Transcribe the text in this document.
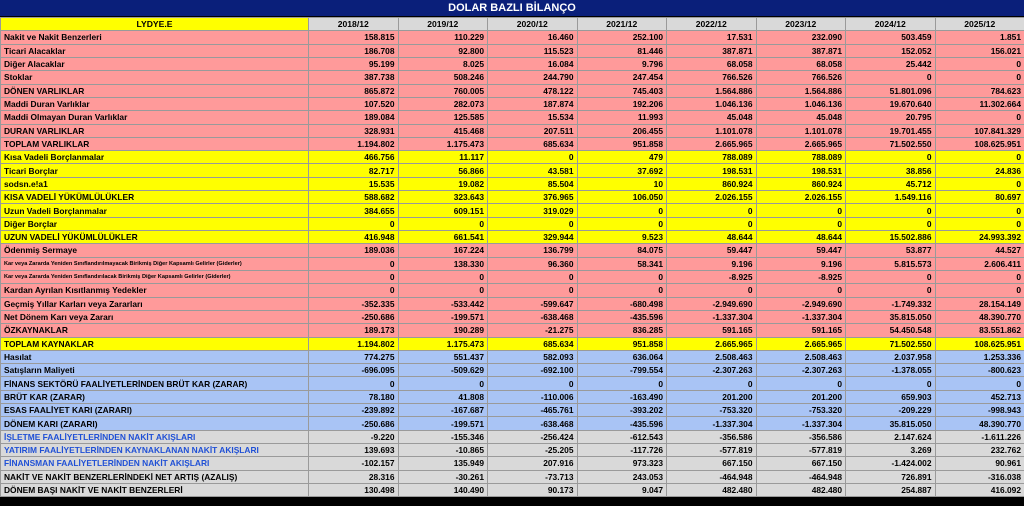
DOLAR BAZLI BİLANÇO
LYDYE.E	2018/12	2019/12	2020/12	2021/12	2022/12	2023/12	2024/12	2025/12
Nakit ve Nakit Benzerleri	158.815	110.229	16.460	252.100	17.531	232.090	503.459	1.851
Ticari Alacaklar	186.708	92.800	115.523	81.446	387.871	387.871	152.052	156.021
Diğer Alacaklar	95.199	8.025	16.084	9.796	68.058	68.058	25.442	0
Stoklar	387.738	508.246	244.790	247.454	766.526	766.526	0	0
DÖNEN VARLIKLAR	865.872	760.005	478.122	745.403	1.564.886	1.564.886	51.801.096	784.623
Maddi Duran Varlıklar	107.520	282.073	187.874	192.206	1.046.136	1.046.136	19.670.640	11.302.664
Maddi Olmayan Duran Varlıklar	189.084	125.585	15.534	11.993	45.048	45.048	20.795	0
DURAN VARLIKLAR	328.931	415.468	207.511	206.455	1.101.078	1.101.078	19.701.455	107.841.329
TOPLAM VARLIKLAR	1.194.802	1.175.473	685.634	951.858	2.665.965	2.665.965	71.502.550	108.625.951
Kısa Vadeli Borçlanmalar	466.756	11.117	0	479	788.089	788.089	0	0
Ticari Borçlar	82.717	56.866	43.581	37.692	198.531	198.531	38.856	24.836
sodsn.e!a1	15.535	19.082	85.504	10	860.924	860.924	45.712	0
KISA VADELİ YÜKÜMLÜLÜKLER	588.682	323.643	376.965	106.050	2.026.155	2.026.155	1.549.116	80.697
Uzun Vadeli Borçlanmalar	384.655	609.151	319.029	0	0	0	0	0
Diğer Borçlar	0	0	0	0	0	0	0	0
UZUN VADELİ YÜKÜMLÜLÜKLER	416.948	661.541	329.944	9.523	48.644	48.644	15.502.886	24.993.392
Ödenmiş Sermaye	189.036	167.224	136.799	84.075	59.447	59.447	53.877	44.527
Kar veya Zararda Yeniden Sınıflandırılmayacak Birikmiş Diğer Kapsamlı Gelirler (Giderler)	0	138.330	96.360	58.341	9.196	9.196	5.815.573	2.606.411
Kar veya Zararda Yeniden Sınıflandırılacak Birikmiş Diğer Kapsamlı Gelirler (Giderler)	0	0	0	0	-8.925	-8.925	0	0
Kardan Ayrılan Kısıtlanmış Yedekler	0	0	0	0	0	0	0	0
Geçmiş Yıllar Karları veya Zararları	-352.335	-533.442	-599.647	-680.498	-2.949.690	-2.949.690	-1.749.332	28.154.149
Net Dönem Karı veya Zararı	-250.686	-199.571	-638.468	-435.596	-1.337.304	-1.337.304	35.815.050	48.390.770
ÖZKAYNAKLAR	189.173	190.289	-21.275	836.285	591.165	591.165	54.450.548	83.551.862
TOPLAM KAYNAKLAR	1.194.802	1.175.473	685.634	951.858	2.665.965	2.665.965	71.502.550	108.625.951
Hasılat	774.275	551.437	582.093	636.064	2.508.463	2.508.463	2.037.958	1.253.336
Satışların Maliyeti	-696.095	-509.629	-692.100	-799.554	-2.307.263	-2.307.263	-1.378.055	-800.623
FİNANS SEKTÖRÜ FAALİYETLERİNDEN BRÜT KAR (ZARAR)	0	0	0	0	0	0	0	0
BRÜT KAR (ZARAR)	78.180	41.808	-110.006	-163.490	201.200	201.200	659.903	452.713
ESAS FAALİYET KARI (ZARARI)	-239.892	-167.687	-465.761	-393.202	-753.320	-753.320	-209.229	-998.943
DÖNEM KARI (ZARARI)	-250.686	-199.571	-638.468	-435.596	-1.337.304	-1.337.304	35.815.050	48.390.770
İŞLETME FAALİYETLERİNDEN NAKİT AKIŞLARI	-9.220	-155.346	-256.424	-612.543	-356.586	-356.586	2.147.624	-1.611.226
YATIRIM FAALİYETLERİNDEN KAYNAKLANAN NAKİT AKIŞLARI	139.693	-10.865	-25.205	-117.726	-577.819	-577.819	3.269	232.762
FİNANSMAN FAALİYETLERİNDEN NAKİT AKIŞLARI	-102.157	135.949	207.916	973.323	667.150	667.150	-1.424.002	90.961
NAKİT VE NAKİT BENZERLERİNDEKİ NET ARTIŞ (AZALIŞ)	28.316	-30.261	-73.713	243.053	-464.948	-464.948	726.891	-316.038
DÖNEM BAŞI NAKİT VE NAKİT BENZERLERİ	130.498	140.490	90.173	9.047	482.480	482.480	254.887	416.092
